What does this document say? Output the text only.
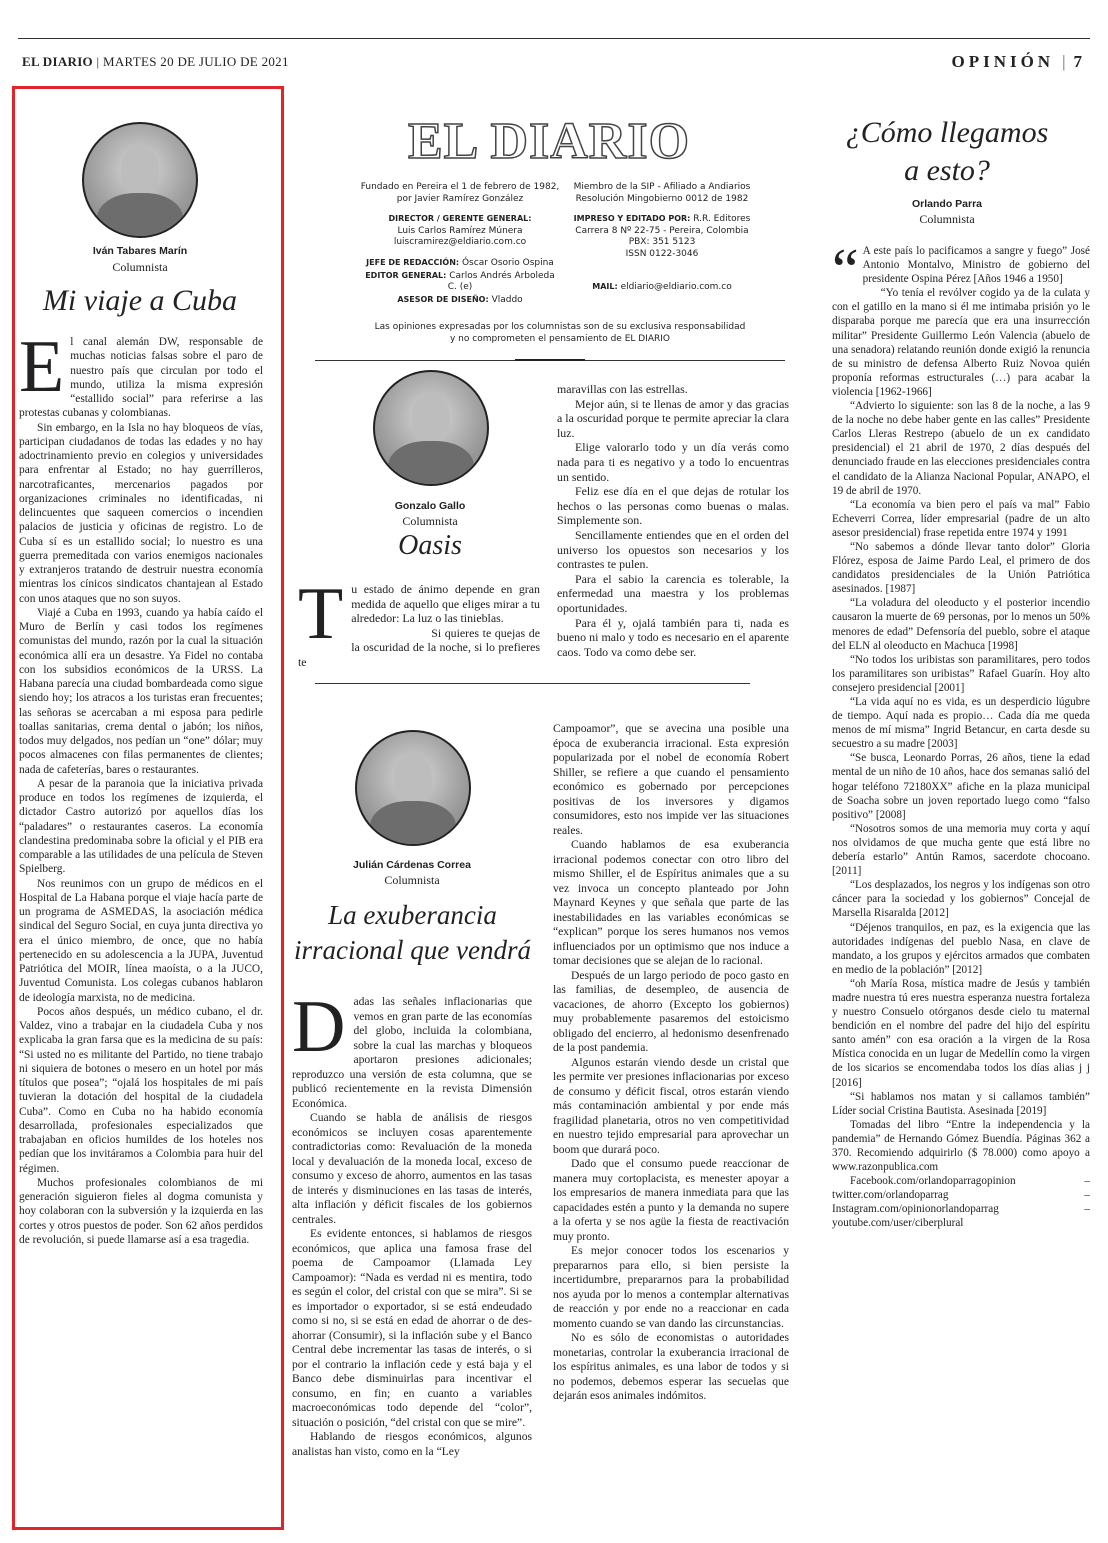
EL DIARIO | MARTES 20 DE JULIO DE 2021	OPINIÓN | 7
Iván Tabares Marín
Columnista
Mi viaje a Cuba

El canal alemán DW, responsable de muchas noticias falsas sobre el paro de nuestro país que circulan por todo el mundo, utiliza la misma expresión “estallido social” para referirse a las protestas cubanas y colombianas.

Sin embargo, en la Isla no hay bloqueos de vías, participan ciudadanos de todas las edades y no hay adoctrinamiento previo en colegios y universidades para enfrentar al Estado; no hay guerrilleros, narcotraficantes, mercenarios pagados por organizaciones criminales no identificadas, ni delincuentes que saqueen comercios o incendien palacios de justicia y oficinas de registro. Lo de Cuba sí es un estallido social; lo nuestro es una guerra premeditada con varios enemigos nacionales y extranjeros tratando de destruir nuestra economía mientras los cínicos sindicatos chantajean al Estado con unos ataques que no son suyos.

Viajé a Cuba en 1993, cuando ya había caído el Muro de Berlín y casi todos los regímenes comunistas del mundo, razón por la cual la situación económica allí era un desastre. Ya Fidel no contaba con los subsidios económicos de la URSS. La Habana parecía una ciudad bombardeada como sigue siendo hoy; los atracos a los turistas eran frecuentes; las señoras se acercaban a mi esposa para pedirle toallas sanitarias, crema dental o jabón; los niños, todos muy delgados, nos pedían un “one” dólar; muy pocos almacenes con filas permanentes de clientes; nada de cafeterías, bares o restaurantes.

A pesar de la paranoia que la iniciativa privada produce en todos los regímenes de izquierda, el dictador Castro autorizó por aquellos días los “paladares” o restaurantes caseros. La economía clandestina predominaba sobre la oficial y el PIB era comparable a las utilidades de una película de Steven Spielberg.

Nos reunimos con un grupo de médicos en el Hospital de La Habana porque el viaje hacía parte de un programa de ASMEDAS, la asociación médica sindical del Seguro Social, en cuya junta directiva yo era el único miembro, de once, que no había pertenecido en su adolescencia a la JUPA, Juventud Patriótica del MOIR, línea maoísta, o a la JUCO, Juventud Comunista. Los colegas cubanos hablaron de ideología marxista, no de medicina.

Pocos años después, un médico cubano, el dr. Valdez, vino a trabajar en la ciudadela Cuba y nos explicaba la gran farsa que es la medicina de su país: “Si usted no es militante del Partido, no tiene trabajo ni siquiera de botones o mesero en un hotel por más títulos que posea”; “ojalá los hospitales de mi país tuvieran la dotación del hospital de la ciudadela Cuba”. Como en Cuba no ha habido economía desarrollada, profesionales especializados que trabajaban en oficios humildes de los hoteles nos pedían que los invitáramos a Colombia para huir del régimen.

Muchos profesionales colombianos de mi generación siguieron fieles al dogma comunista y hoy colaboran con la subversión y la izquierda en las cortes y otros puestos de poder. Son 62 años perdidos de revolución, si puede llamarse así a esa tragedia.

EL DIARIO
Fundado en Pereira el 1 de febrero de 1982,
por Javier Ramírez González
DIRECTOR / GERENTE GENERAL:
Luis Carlos Ramírez Múnera
luiscramirez@eldiario.com.co
JEFE DE REDACCIÓN: Óscar Osorio Ospina
EDITOR GENERAL: Carlos Andrés Arboleda C. (e)
ASESOR DE DISEÑO: Vladdo
Miembro de la SIP - Afiliado a Andiarios
Resolución Mingobierno 0012 de 1982
IMPRESO Y EDITADO POR: R.R. Editores
Carrera 8 Nº 22-75 - Pereira, Colombia
PBX: 351 5123
ISSN 0122-3046
MAIL: eldiario@eldiario.com.co
Las opiniones expresadas por los columnistas son de su exclusiva responsabilidad
y no comprometen el pensamiento de EL DIARIO
Gonzalo Gallo
Columnista
Oasis

Tu estado de ánimo depende en gran medida de aquello que eliges mirar a tu alrededor: La luz o las tinieblas.

Si quieres te quejas de la oscuridad de la noche, si lo prefieres te

maravillas con las estrellas.

Mejor aún, si te llenas de amor y das gracias a la oscuridad porque te permite apreciar la clara luz.

Elige valorarlo todo y un día verás como nada para ti es negativo y a todo lo encuentras un sentido.

Feliz ese día en el que dejas de rotular los hechos o las personas como buenas o malas. Simplemente son.

Sencillamente entiendes que en el orden del universo los opuestos son necesarios y los contrastes te pulen.

Para el sabio la carencia es tolerable, la enfermedad una maestra y los problemas oportunidades.

Para él y, ojalá también para ti, nada es bueno ni malo y todo es necesario en el aparente caos. Todo va como debe ser.

Julián Cárdenas Correa
Columnista
La exuberancia
irracional que vendrá

Dadas las señales inflacionarias que vemos en gran parte de las economías del globo, incluida la colombiana, sobre la cual las marchas y bloqueos aportaron presiones adicionales; reproduzco una versión de esta columna, que se publicó recientemente en la revista Dimensión Económica.

Cuando se habla de análisis de riesgos económicos se incluyen cosas aparentemente contradictorias como: Revaluación de la moneda local y devaluación de la moneda local, exceso de consumo y exceso de ahorro, aumentos en las tasas de interés y disminuciones en las tasas de interés, alta inflación y déficit fiscales de los gobiernos centrales.

Es evidente entonces, si hablamos de riesgos económicos, que aplica una famosa frase del poema de Campoamor (Llamada Ley Campoamor): “Nada es verdad ni es mentira, todo es según el color, del cristal con que se mira”. Si se es importador o exportador, si se está endeudado como si no, si se está en edad de ahorrar o de des-ahorrar (Consumir), si la inflación sube y el Banco Central debe incrementar las tasas de interés, o si por el contrario la inflación cede y está baja y el Banco debe disminuirlas para incentivar el consumo, en fin; en cuanto a variables macroeconómicas todo depende del “color”, situación o posición, “del cristal con que se mire”.

Hablando de riesgos económicos, algunos analistas han visto, como en la “Ley

Campoamor”, que se avecina una posible una época de exuberancia irracional. Esta expresión popularizada por el nobel de economía Robert Shiller, se refiere a que cuando el pensamiento económico es gobernado por percepciones positivas de los inversores y digamos consumidores, esto nos impide ver las situaciones reales.

Cuando hablamos de esa exuberancia irracional podemos conectar con otro libro del mismo Shiller, el de Espíritus animales que a su vez invoca un concepto planteado por John Maynard Keynes y que señala que parte de las inestabilidades en las variables económicas se “explican” porque los seres humanos nos vemos influenciados por un optimismo que nos induce a tomar decisiones que se alejan de lo racional.

Después de un largo periodo de poco gasto en las familias, de desempleo, de ausencia de vacaciones, de ahorro (Excepto los gobiernos) muy probablemente pasaremos del estoicismo obligado del encierro, al hedonismo desenfrenado de la post pandemia.

Algunos estarán viendo desde un cristal que les permite ver presiones inflacionarias por exceso de consumo y déficit fiscal, otros estarán viendo más contaminación ambiental y por ende más fragilidad planetaria, otros no ven competitividad en nuestro tejido empresarial para aprovechar un boom que durará poco.

Dado que el consumo puede reaccionar de manera muy cortoplacista, es menester apoyar a los empresarios de manera inmediata para que las capacidades estén a punto y la demanda no supere a la oferta y se nos agüe la fiesta de reactivación muy pronto.

Es mejor conocer todos los escenarios y prepararnos para ello, si bien persiste la incertidumbre, prepararnos para la probabilidad nos ayuda por lo menos a contemplar alternativas de reacción y por ende no a reaccionar en cada momento cuando se van dando las circunstancias.

No es sólo de economistas o autoridades monetarias, controlar la exuberancia irracional de los espíritus animales, es una labor de todos y si no podemos, debemos esperar las secuelas que dejarán esos animales indómitos.

¿Cómo llegamos
a esto?
Orlando Parra
Columnista

“ A este país lo pacificamos a sangre y fuego” José Antonio Montalvo, Ministro de gobierno del presidente Ospina Pérez [Años 1946 a 1950]

“Yo tenía el revólver cogido ya de la culata y con el gatillo en la mano si él me intimaba prisión yo le disparaba porque me parecía que era una insurrección militar” Presidente Guillermo León Valencia (abuelo de una senadora) relatando reunión donde exigió la renuncia de su ministro de defensa Alberto Ruiz Novoa quién proponía reformas estructurales (…) para acabar la violencia [1962-1966]

“Advierto lo siguiente: son las 8 de la noche, a las 9 de la noche no debe haber gente en las calles” Presidente Carlos Lleras Restrepo (abuelo de un ex candidato presidencial) el 21 abril de 1970, 2 días después del denunciado fraude en las elecciones presidenciales contra el candidato de la Alianza Nacional Popular, ANAPO, el 19 de abril de 1970.

“La economía va bien pero el país va mal” Fabio Echeverri Correa, líder empresarial (padre de un alto asesor presidencial) frase repetida entre 1974 y 1991

“No sabemos a dónde llevar tanto dolor” Gloria Flórez, esposa de Jaime Pardo Leal, el primero de dos candidatos presidenciales de la Unión Patriótica asesinados. [1987]

“La voladura del oleoducto y el posterior incendio causaron la muerte de 69 personas, por lo menos un 50% menores de edad” Defensoría del pueblo, sobre el ataque del ELN al oleoducto en Machuca [1998]

“No todos los uribistas son paramilitares, pero todos los paramilitares son uribistas” Rafael Guarín. Hoy alto consejero presidencial [2001]

“La vida aquí no es vida, es un desperdicio lúgubre de tiempo. Aquí nada es propio… Cada día me queda menos de mí misma” Ingrid Betancur, en carta desde su secuestro a su madre [2003]

“Se busca, Leonardo Porras, 26 años, tiene la edad mental de un niño de 10 años, hace dos semanas salió del hogar teléfono 72180XX” afiche en la plaza municipal de Soacha sobre un joven reportado luego como “falso positivo” [2008]

“Nosotros somos de una memoria muy corta y aquí nos olvidamos de que mucha gente que está libre no debería estarlo” Antún Ramos, sacerdote chocoano. [2011]

“Los desplazados, los negros y los indígenas son otro cáncer para la sociedad y los gobiernos” Concejal de Marsella Risaralda [2012]

“Déjenos tranquilos, en paz, es la exigencia que las autoridades indígenas del pueblo Nasa, en clave de mandato, a los grupos y ejércitos armados que combaten en medio de la población” [2012]

“oh María Rosa, mística madre de Jesús y también madre nuestra tú eres nuestra esperanza nuestra fortaleza y nuestro Consuelo otórganos desde cielo tu maternal bendición en el nombre del padre del hijo del espíritu santo amén” con esa oración a la virgen de la Rosa Mística conocida en un lugar de Medellín como la virgen de los sicarios se encomendaba todos los días alias j j [2016]

“Si hablamos nos matan y si callamos también” Líder social Cristina Bautista. Asesinada [2019]

Tomadas del libro “Entre la independencia y la pandemia” de Hernando Gómez Buendía. Páginas 362 a 370. Recomiendo adquirirlo ($ 78.000) como apoyo a www.razonpublica.com

Facebook.com/orlandoparragopinion –twitter.com/orlandoparrag – Instagram.com/opinionorlandoparrag – youtube.com/user/ciberplural
